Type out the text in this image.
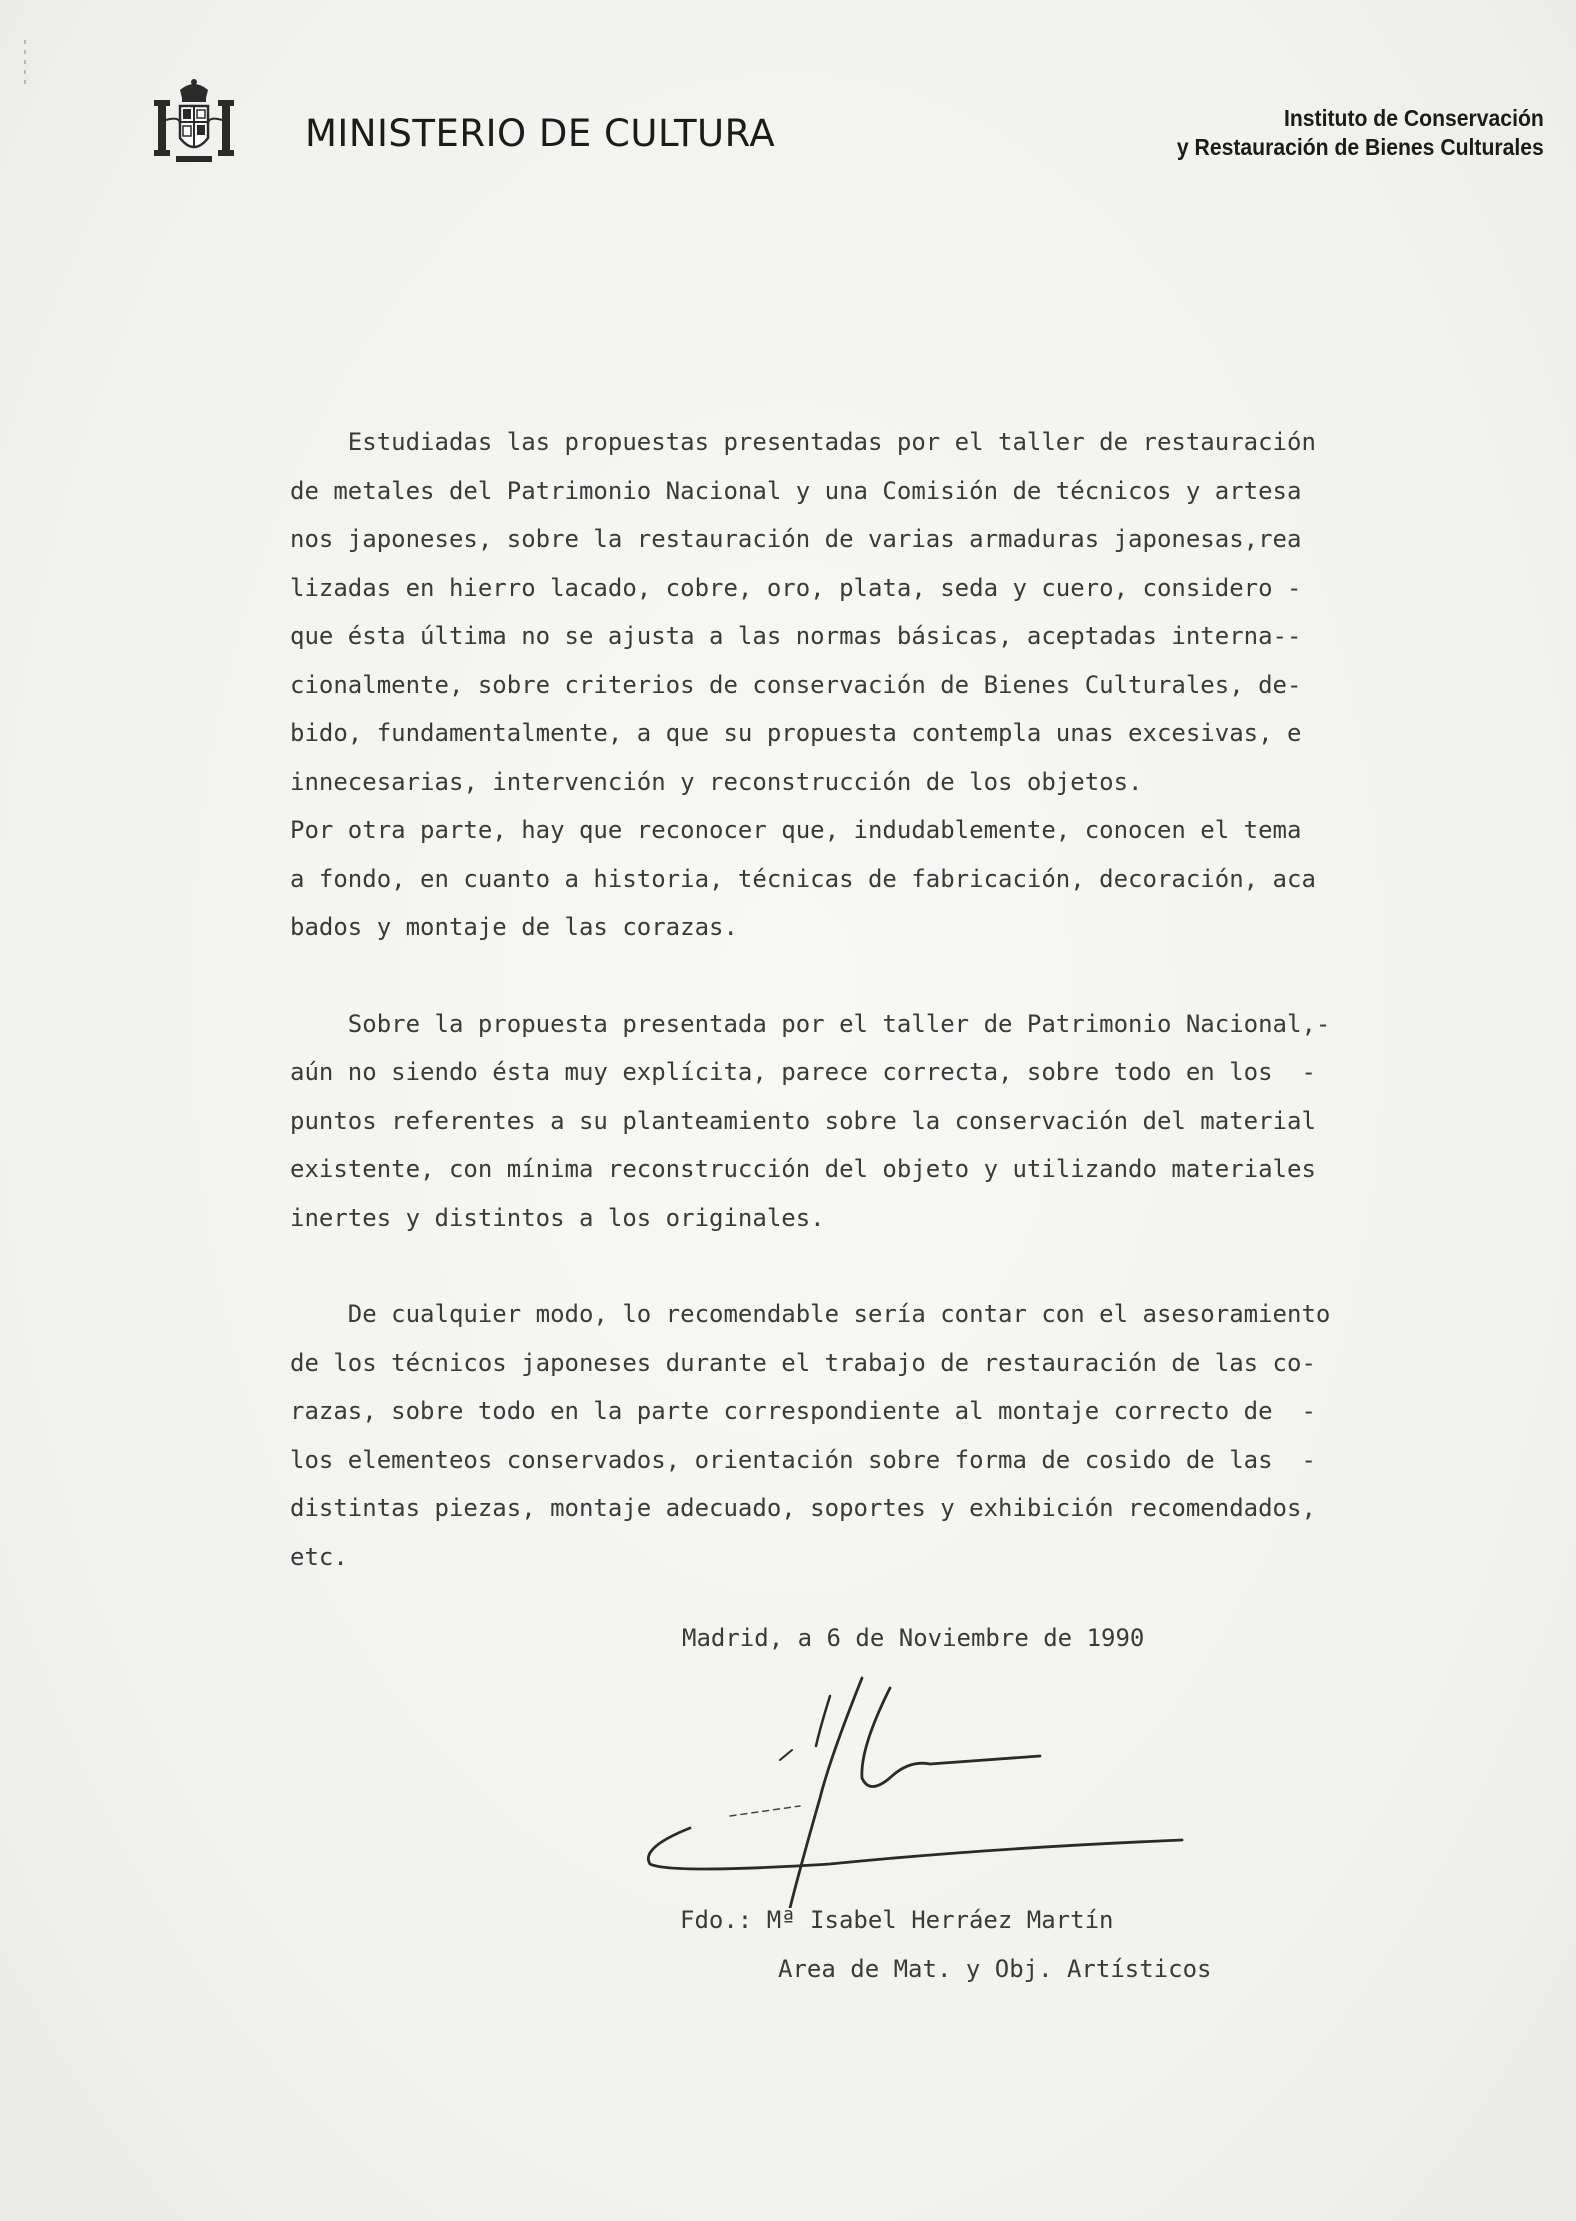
MINISTERIO DE CULTURA	Instituto de Conservación
y Restauración de Bienes Culturales
Estudiadas las propuestas presentadas por el taller de restauración
de metales del Patrimonio Nacional y una Comisión de técnicos y artesa
nos japoneses, sobre la restauración de varias armaduras japonesas,rea
lizadas en hierro lacado, cobre, oro, plata, seda y cuero, considero -
que ésta última no se ajusta a las normas básicas, aceptadas interna--
cionalmente, sobre criterios de conservación de Bienes Culturales, de-
bido, fundamentalmente, a que su propuesta contempla unas excesivas, e
innecesarias, intervención y reconstrucción de los objetos.
Por otra parte, hay que reconocer que, indudablemente, conocen el tema
a fondo, en cuanto a historia, técnicas de fabricación, decoración, aca
bados y montaje de las corazas.
Sobre la propuesta presentada por el taller de Patrimonio Nacional,-
aún no siendo ésta muy explícita, parece correcta, sobre todo en los  -
puntos referentes a su planteamiento sobre la conservación del material
existente, con mínima reconstrucción del objeto y utilizando materiales
inertes y distintos a los originales.
De cualquier modo, lo recomendable sería contar con el asesoramiento
de los técnicos japoneses durante el trabajo de restauración de las co-
razas, sobre todo en la parte correspondiente al montaje correcto de  -
los elementeos conservados, orientación sobre forma de cosido de las  -
distintas piezas, montaje adecuado, soportes y exhibición recomendados,
etc.
Madrid, a 6 de Noviembre de 1990
Fdo.: Mª Isabel Herráez Martín
Area de Mat. y Obj. Artísticos
